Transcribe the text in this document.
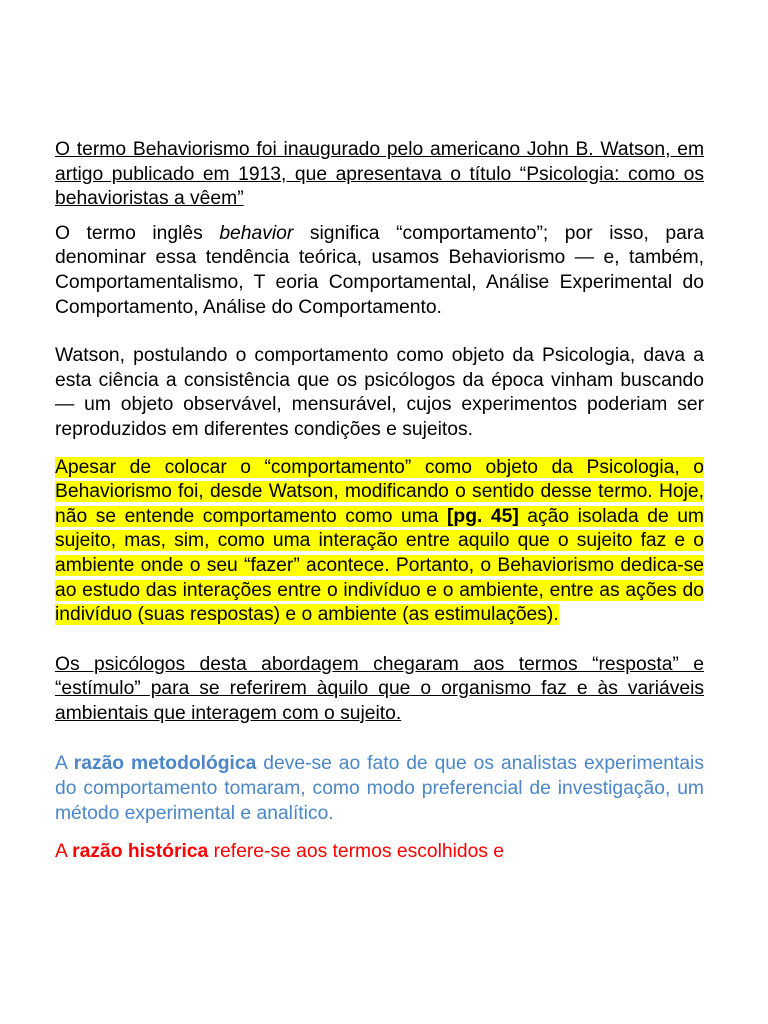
O termo Behaviorismo foi inaugurado pelo americano John B. Watson, em artigo publicado em 1913, que apresentava o título “Psicologia: como os behavioristas a vêem”

O termo inglês behavior significa “comportamento”; por isso, para denominar essa tendência teórica, usamos Behaviorismo — e, também, Comportamentalismo, T eoria Comportamental, Análise Experimental do Comportamento, Análise do Comportamento.

Watson, postulando o comportamento como objeto da Psicologia, dava a esta ciência a consistência que os psicólogos da época vinham buscando — um objeto observável, mensurável, cujos experimentos poderiam ser reproduzidos em diferentes condições e sujeitos.

Apesar de colocar o “comportamento” como objeto da Psicologia, o Behaviorismo foi, desde Watson, modificando o sentido desse termo. Hoje, não se entende comportamento como uma [pg. 45] ação isolada de um sujeito, mas, sim, como uma interação entre aquilo que o sujeito faz e o ambiente onde o seu “fazer” acontece. Portanto, o Behaviorismo dedica-se ao estudo das interações entre o indivíduo e o ambiente, entre as ações do indivíduo (suas respostas) e o ambiente (as estimulações).

Os psicólogos desta abordagem chegaram aos termos “resposta” e “estímulo” para se referirem àquilo que o organismo faz e às variáveis ambientais que interagem com o sujeito.

A razão metodológica deve-se ao fato de que os analistas experimentais do comportamento tomaram, como modo preferencial de investigação, um método experimental e analítico.

A razão histórica refere-se aos termos escolhidos e
